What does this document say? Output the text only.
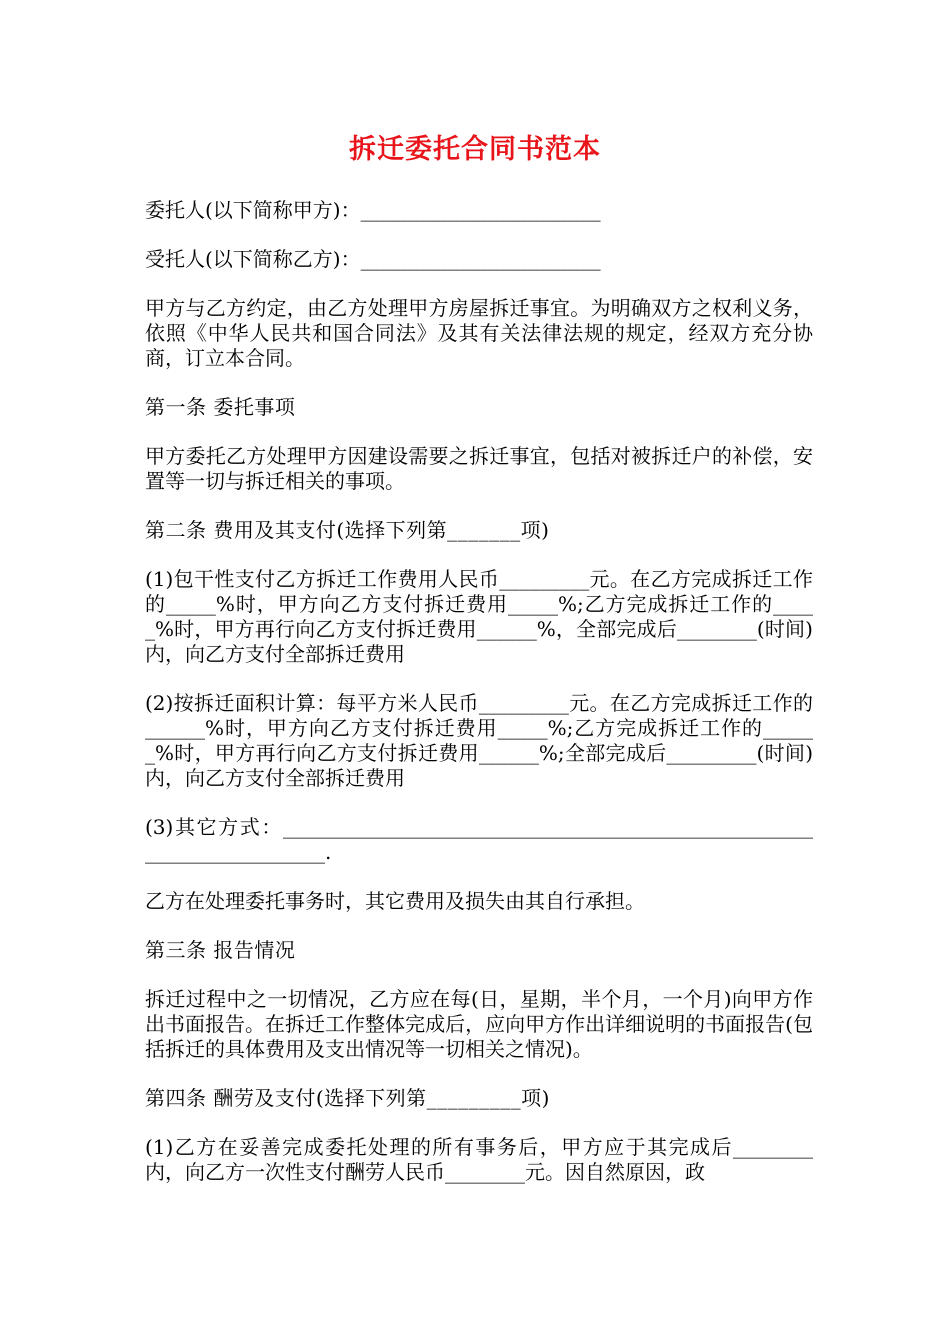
拆迁委托合同书范本

委托人(以下简称甲方)：________________________

受托人(以下简称乙方)：________________________

甲方与乙方约定，由乙方处理甲方房屋拆迁事宜。为明确双方之权利义务，依照《中华人民共和国合同法》及其有关法律法规的规定，经双方充分协商，订立本合同。

第一条 委托事项

甲方委托乙方处理甲方因建设需要之拆迁事宜，包括对被拆迁户的补偿，安置等一切与拆迁相关的事项。

第二条 费用及其支付(选择下列第_______项)

(1)包干性支付乙方拆迁工作费用人民币_________元。在乙方完成拆迁工作的_____%时，甲方向乙方支付拆迁费用_____%;乙方完成拆迁工作的_____%时，甲方再行向乙方支付拆迁费用______%，全部完成后________(时间)内，向乙方支付全部拆迁费用

(2)按拆迁面积计算：每平方米人民币_________元。在乙方完成拆迁工作的______%时，甲方向乙方支付拆迁费用_____%;乙方完成拆迁工作的______%时，甲方再行向乙方支付拆迁费用______%;全部完成后_________(时间)内，向乙方支付全部拆迁费用

(3)其它方式：_______________________________________________________________________.

乙方在处理委托事务时，其它费用及损失由其自行承担。

第三条 报告情况

拆迁过程中之一切情况，乙方应在每(日，星期，半个月，一个月)向甲方作出书面报告。在拆迁工作整体完成后，应向甲方作出详细说明的书面报告(包括拆迁的具体费用及支出情况等一切相关之情况)。

第四条 酬劳及支付(选择下列第_________项)

(1)乙方在妥善完成委托处理的所有事务后，甲方应于其完成后________内，向乙方一次性支付酬劳人民币________元。因自然原因，政
